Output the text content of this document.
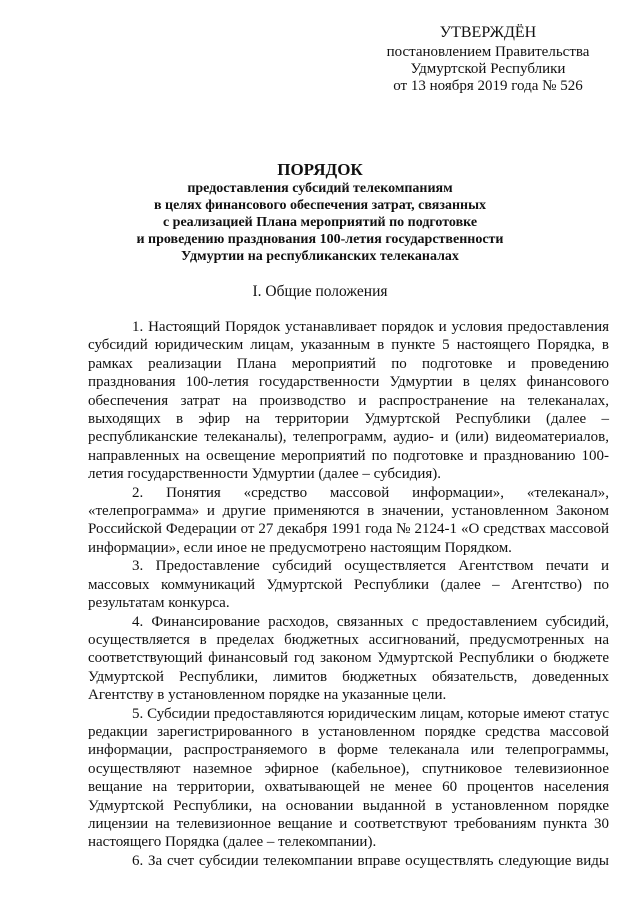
УТВЕРЖДЁН
постановлением Правительства
Удмуртской Республики
от 13 ноября 2019 года № 526
ПОРЯДОК
предоставления субсидий телекомпаниям
в целях финансового обеспечения затрат, связанных
с реализацией Плана мероприятий по подготовке
и проведению празднования 100-летия государственности
Удмуртии на республиканских телеканалах
I. Общие положения

1. Настоящий Порядок устанавливает порядок и условия предоставления субсидий юридическим лицам, указанным в пункте 5 настоящего Порядка, в рамках реализации Плана мероприятий по подготовке и проведению празднования 100-летия государственности Удмуртии в целях финансового обеспечения затрат на производство и распространение на телеканалах, выходящих в эфир на территории Удмуртской Республики (далее – республиканские телеканалы), телепрограмм, аудио- и (или) видеоматериалов, направленных на освещение мероприятий по подготовке и празднованию 100-летия государственности Удмуртии (далее – субсидия).

2. Понятия «средство массовой информации», «телеканал», «телепрограмма» и другие применяются в значении, установленном Законом Российской Федерации от 27 декабря 1991 года № 2124-1 «О средствах массовой информации», если иное не предусмотрено настоящим Порядком.

3. Предоставление субсидий осуществляется Агентством печати и массовых коммуникаций Удмуртской Республики (далее – Агентство) по результатам конкурса.

4. Финансирование расходов, связанных с предоставлением субсидий, осуществляется в пределах бюджетных ассигнований, предусмотренных на соответствующий финансовый год законом Удмуртской Республики о бюджете Удмуртской Республики, лимитов бюджетных обязательств, доведенных Агентству в установленном порядке на указанные цели.

5. Субсидии предоставляются юридическим лицам, которые имеют статус редакции зарегистрированного в установленном порядке средства массовой информации, распространяемого в форме телеканала или телепрограммы, осуществляют наземное эфирное (кабельное), спутниковое телевизионное вещание на территории, охватывающей не менее 60 процентов населения Удмуртской Республики, на основании выданной в установленном порядке лицензии на телевизионное вещание и соответствуют требованиям пункта 30 настоящего Порядка (далее – телекомпании).

6. За счет субсидии телекомпании вправе осуществлять следующие виды
